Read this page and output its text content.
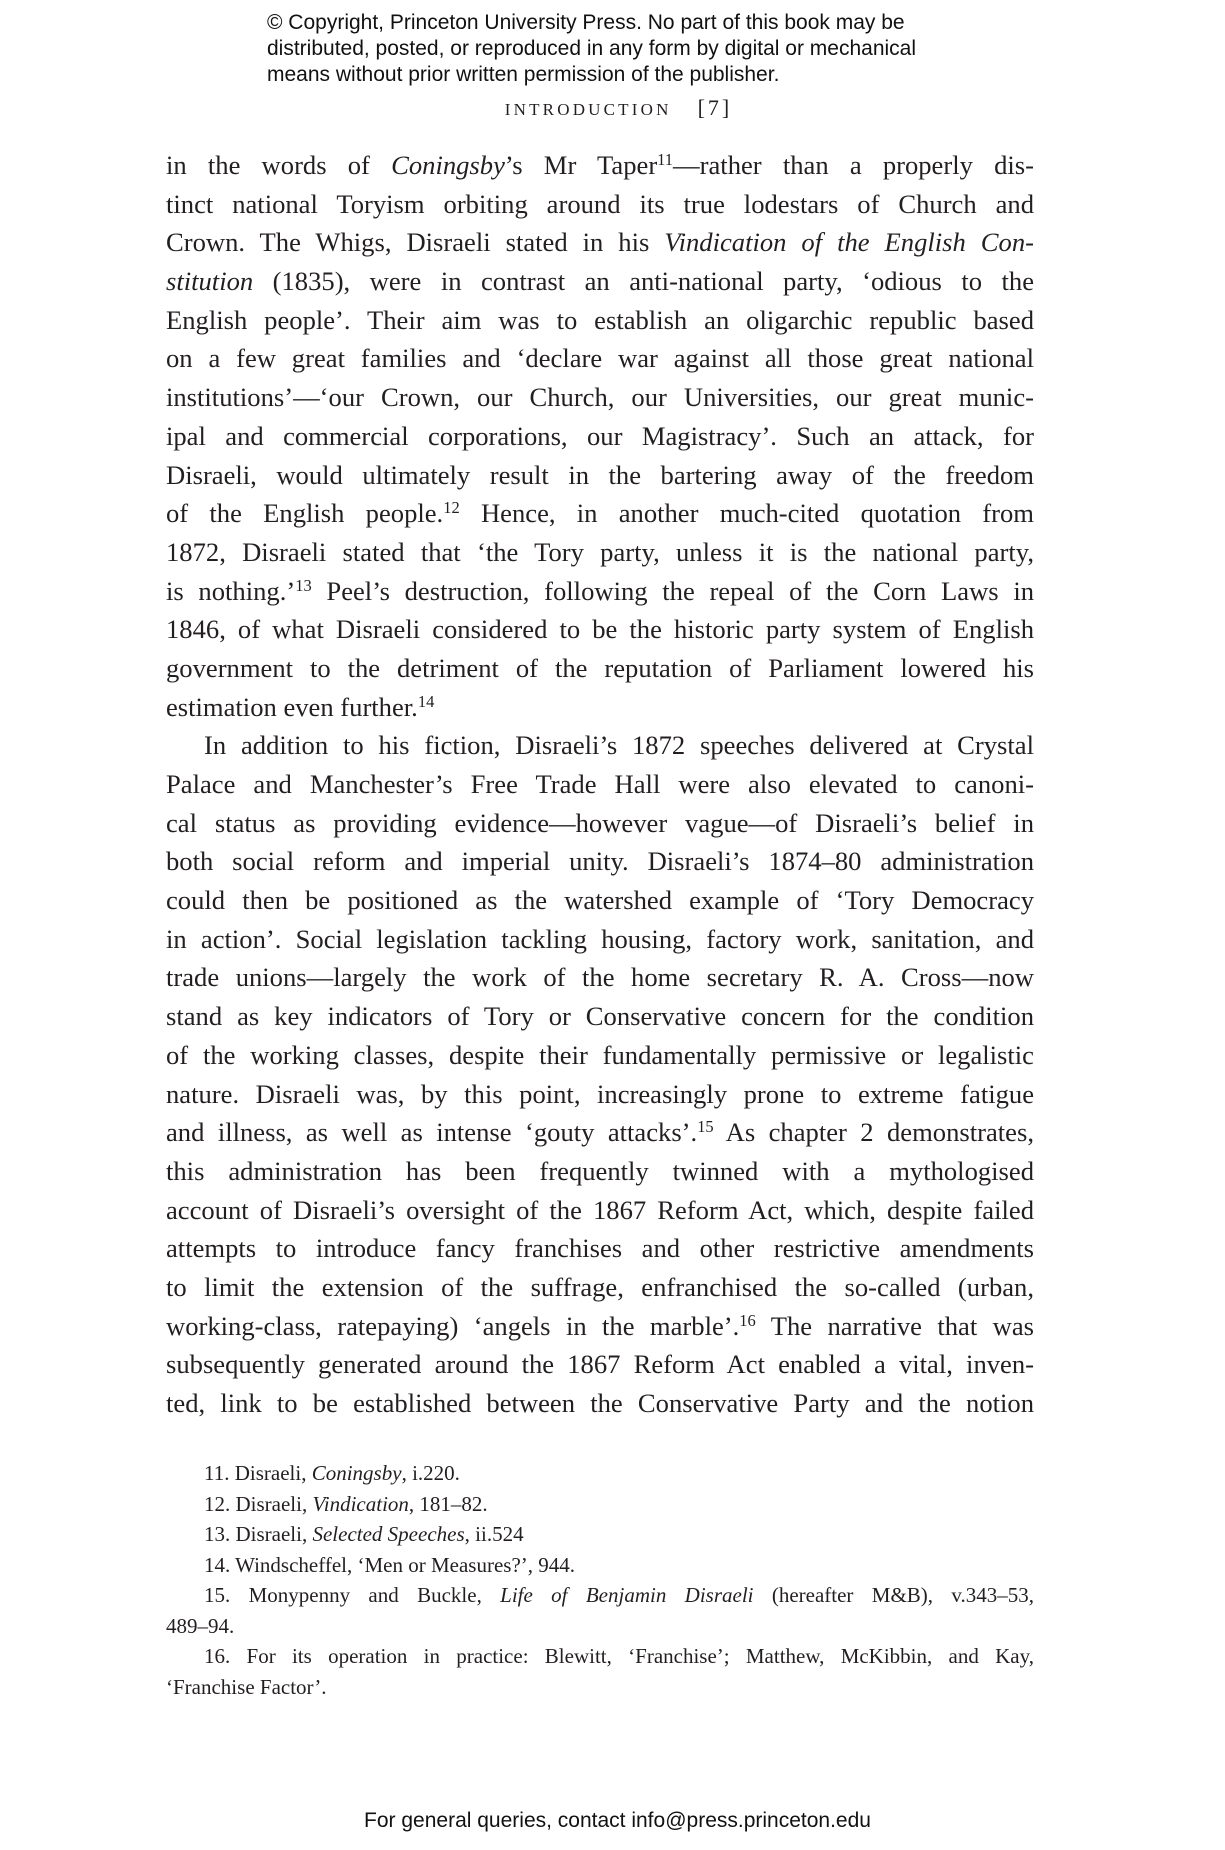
© Copyright, Princeton University Press. No part of this book may be
distributed, posted, or reproduced in any form by digital or mechanical
means without prior written permission of the publisher.
INTRODUCTION [7]
in the words of Coningsby’s Mr Taper$^{11}$—rather than a properly dis-
tinct national Toryism orbiting around its true lodestars of Church and
Crown. The Whigs, Disraeli stated in his Vindication of the English Con-
stitution (1835), were in contrast an anti-national party, ‘odious to the
English people’. Their aim was to establish an oligarchic republic based
on a few great families and ‘declare war against all those great national
institutions’—‘our Crown, our Church, our Universities, our great munic-
ipal and commercial corporations, our Magistracy’. Such an attack, for
Disraeli, would ultimately result in the bartering away of the freedom
of the English people.$^{12}$ Hence, in another much-cited quotation from
1872, Disraeli stated that ‘the Tory party, unless it is the national party,
is nothing.’$^{13}$ Peel’s destruction, following the repeal of the Corn Laws in
1846, of what Disraeli considered to be the historic party system of English
government to the detriment of the reputation of Parliament lowered his
estimation even further.$^{14}$
In addition to his fiction, Disraeli’s 1872 speeches delivered at Crystal
Palace and Manchester’s Free Trade Hall were also elevated to canoni-
cal status as providing evidence—however vague—of Disraeli’s belief in
both social reform and imperial unity. Disraeli’s 1874–80 administration
could then be positioned as the watershed example of ‘Tory Democracy
in action’. Social legislation tackling housing, factory work, sanitation, and
trade unions—largely the work of the home secretary R. A. Cross—now
stand as key indicators of Tory or Conservative concern for the condition
of the working classes, despite their fundamentally permissive or legalistic
nature. Disraeli was, by this point, increasingly prone to extreme fatigue
and illness, as well as intense ‘gouty attacks’.$^{15}$ As chapter 2 demonstrates,
this administration has been frequently twinned with a mythologised
account of Disraeli’s oversight of the 1867 Reform Act, which, despite failed
attempts to introduce fancy franchises and other restrictive amendments
to limit the extension of the suffrage, enfranchised the so-called (urban,
working-class, ratepaying) ‘angels in the marble’.$^{16}$ The narrative that was
subsequently generated around the 1867 Reform Act enabled a vital, inven-
ted, link to be established between the Conservative Party and the notion
11. Disraeli, Coningsby, i.220.
12. Disraeli, Vindication, 181–82.
13. Disraeli, Selected Speeches, ii.524
14. Windscheffel, ‘Men or Measures?’, 944.
15. Monypenny and Buckle, Life of Benjamin Disraeli (hereafter M&B), v.343–53,
489–94.
16. For its operation in practice: Blewitt, ‘Franchise’; Matthew, McKibbin, and Kay,
‘Franchise Factor’.
For general queries, contact info@press.princeton.edu
